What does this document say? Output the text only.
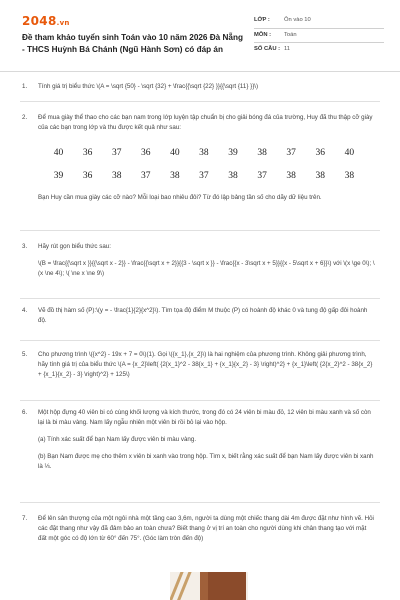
2048.vn
Đề tham khảo tuyển sinh Toán vào 10 năm 2026 Đà Nẵng - THCS Huỳnh Bá Chánh (Ngũ Hành Sơn) có đáp án
LỚP : Ôn vào 10
MÔN : Toán
SỐ CÂU : 11
1. Tính giá trị biểu thức \(A = \sqrt {50} - \sqrt {32} + \frac{{\sqrt {22} }}{{\sqrt {11} }}\)

2. Để mua giày thể thao cho các bạn nam trong lớp luyện tập chuẩn bị cho giải bóng đá của trường, Huy đã thu thập cỡ giày của các bạn trong lớp và thu được kết quả như sau:

40	36	37	36	40	38	39	38	37	36	40
39	36	38	37	38	37	38	37	38	38	38

Bạn Huy cần mua giày các cỡ nào? Mỗi loại bao nhiêu đôi? Từ đó lập bảng tần số cho dãy dữ liệu trên.

3. Hãy rút gọn biểu thức sau:

\(B = \frac{{\sqrt x }}{{\sqrt x - 2}} - \frac{{\sqrt x + 2}}{{3 - \sqrt x }} - \frac{{x - 3\sqrt x + 5}}{{x - 5\sqrt x + 6}}\) với \(x \ge 0\); \(x \ne 4\); \( \ne x \ne 9\)

4. Vẽ đồ thị hàm số (P):\(y = - \frac{1}{2}{x^2}\). Tìm tọa độ điểm M thuộc (P) có hoành độ khác 0 và tung độ gấp đôi hoành độ.

5. Cho phương trình \({x^2} - 19x + 7 = 0\)(1). Gọi \({x_1},{x_2}\) là hai nghiệm của phương trình. Không giải phương trình, hãy tính giá trị của biểu thức \(A = {x_2}\left( {2{x_1}^2 - 38{x_1} + {x_1}{x_2} - 3} \right)^2} + {x_1}\left( {2{x_2}^2 - 38{x_2} + {x_1}{x_2} - 3} \right)^2} + 125\)

6. Một hộp đựng 40 viên bi có cùng khối lượng và kích thước, trong đó có 24 viên bi màu đỏ, 12 viên bi màu xanh và số còn lại là bi màu vàng. Nam lấy ngẫu nhiên một viên bi rồi bỏ lại vào hộp.

(a) Tính xác suất để bạn Nam lấy được viên bi màu vàng.

(b) Bạn Nam được mẹ cho thêm x viên bi xanh vào trong hộp. Tìm x, biết rằng xác suất để bạn Nam lấy được viên bi xanh là ⅓.

7. Để lên sân thượng của một ngôi nhà một tầng cao 3,6m, người ta dùng một chiếc thang dài 4m được đặt như hình vẽ. Hỏi các đặt thang như vậy đã đảm bảo an toàn chưa? Biết thang ở vị trí an toàn cho người dùng khi chân thang tạo với mặt đất một góc có độ lớn từ 60° đến 75°. (Góc làm tròn đến độ)
